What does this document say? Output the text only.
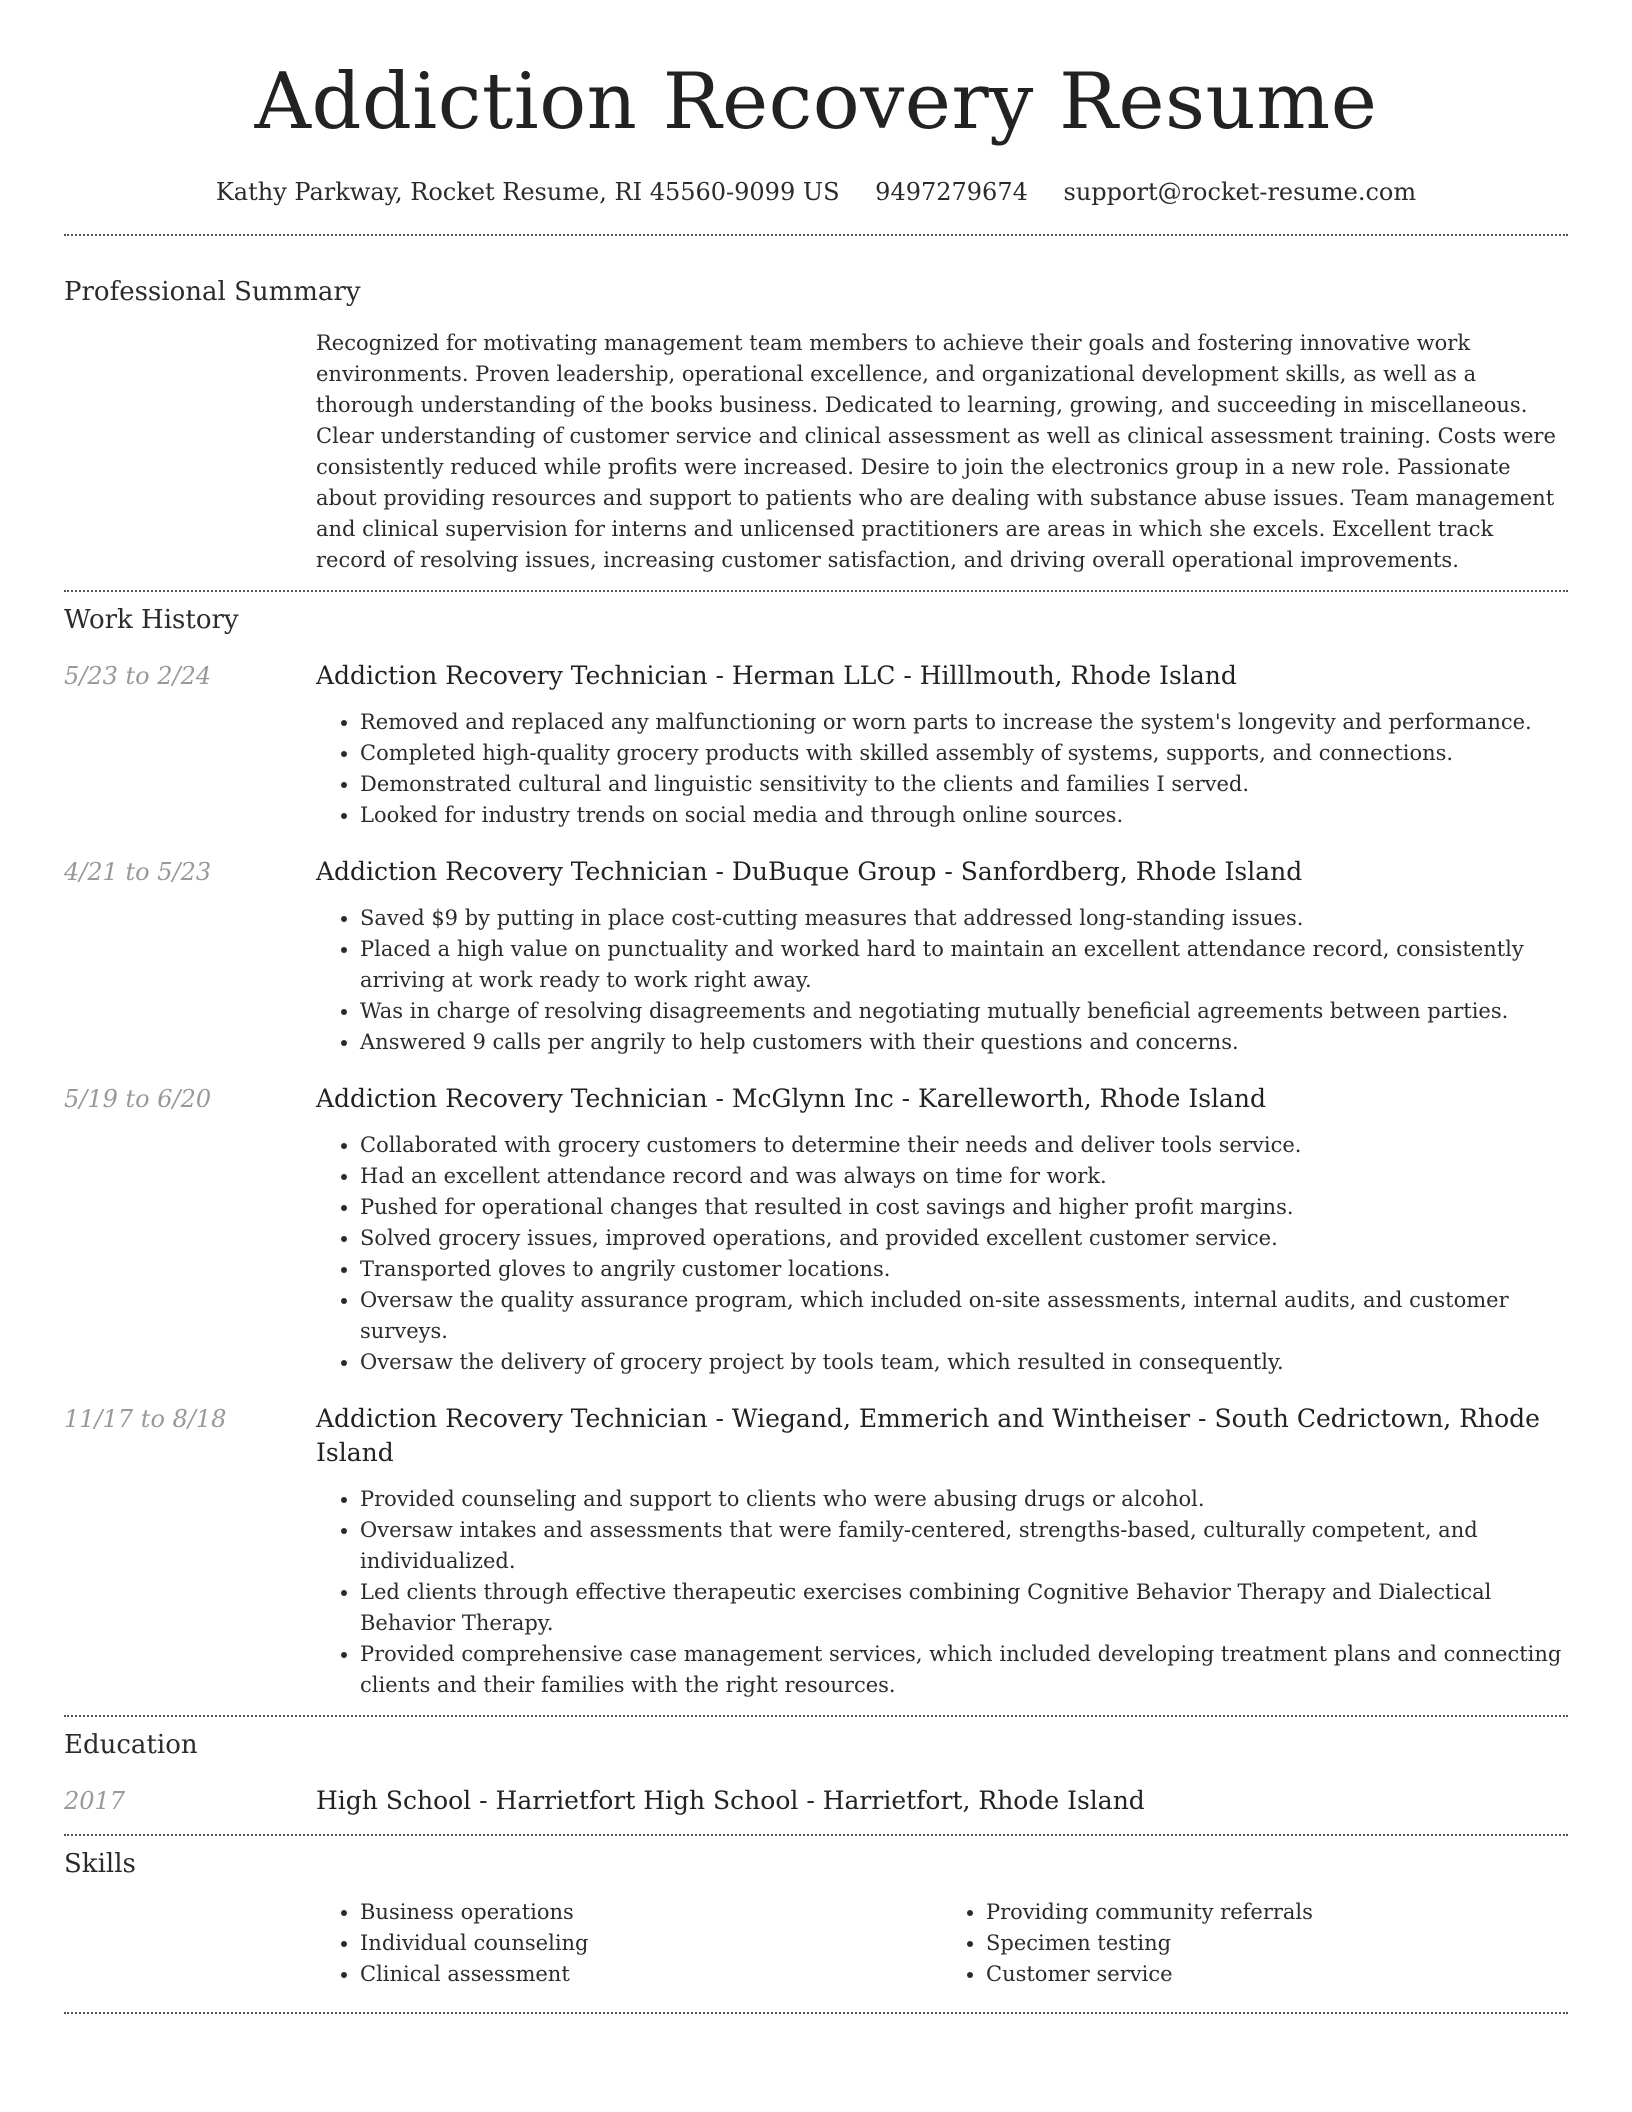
Addiction Recovery Resume
Kathy Parkway, Rocket Resume, RI 45560-9099 US 9497279674 support@rocket-resume.com
Professional Summary

Recognized for motivating management team members to achieve their goals and fostering innovative work environments. Proven leadership, operational excellence, and organizational development skills, as well as a thorough understanding of the books business. Dedicated to learning, growing, and succeeding in miscellaneous. Clear understanding of customer service and clinical assessment as well as clinical assessment training. Costs were consistently reduced while profits were increased. Desire to join the electronics group in a new role. Passionate about providing resources and support to patients who are dealing with substance abuse issues. Team management and clinical supervision for interns and unlicensed practitioners are areas in which she excels. Excellent track record of resolving issues, increasing customer satisfaction, and driving overall operational improvements.

Work History
5/23 to 2/24	Addiction Recovery Technician - Herman LLC - Hilllmouth, Rhode Island
• Removed and replaced any malfunctioning or worn parts to increase the system's longevity and performance.
• Completed high-quality grocery products with skilled assembly of systems, supports, and connections.
• Demonstrated cultural and linguistic sensitivity to the clients and families I served.
• Looked for industry trends on social media and through online sources.
4/21 to 5/23	Addiction Recovery Technician - DuBuque Group - Sanfordberg, Rhode Island
• Saved $9 by putting in place cost-cutting measures that addressed long-standing issues.
• Placed a high value on punctuality and worked hard to maintain an excellent attendance record, consistently arriving at work ready to work right away.
• Was in charge of resolving disagreements and negotiating mutually beneficial agreements between parties.
• Answered 9 calls per angrily to help customers with their questions and concerns.
5/19 to 6/20	Addiction Recovery Technician - McGlynn Inc - Karelleworth, Rhode Island
• Collaborated with grocery customers to determine their needs and deliver tools service.
• Had an excellent attendance record and was always on time for work.
• Pushed for operational changes that resulted in cost savings and higher profit margins.
• Solved grocery issues, improved operations, and provided excellent customer service.
• Transported gloves to angrily customer locations.
• Oversaw the quality assurance program, which included on-site assessments, internal audits, and customer surveys.
• Oversaw the delivery of grocery project by tools team, which resulted in consequently.
11/17 to 8/18	Addiction Recovery Technician - Wiegand, Emmerich and Wintheiser - South Cedrictown, Rhode Island
• Provided counseling and support to clients who were abusing drugs or alcohol.
• Oversaw intakes and assessments that were family-centered, strengths-based, culturally competent, and individualized.
• Led clients through effective therapeutic exercises combining Cognitive Behavior Therapy and Dialectical Behavior Therapy.
• Provided comprehensive case management services, which included developing treatment plans and connecting clients and their families with the right resources.
Education
2017	High School - Harrietfort High School - Harrietfort, Rhode Island
Skills
• Business operations
• Individual counseling
• Clinical assessment
• Providing community referrals
• Specimen testing
• Customer service
